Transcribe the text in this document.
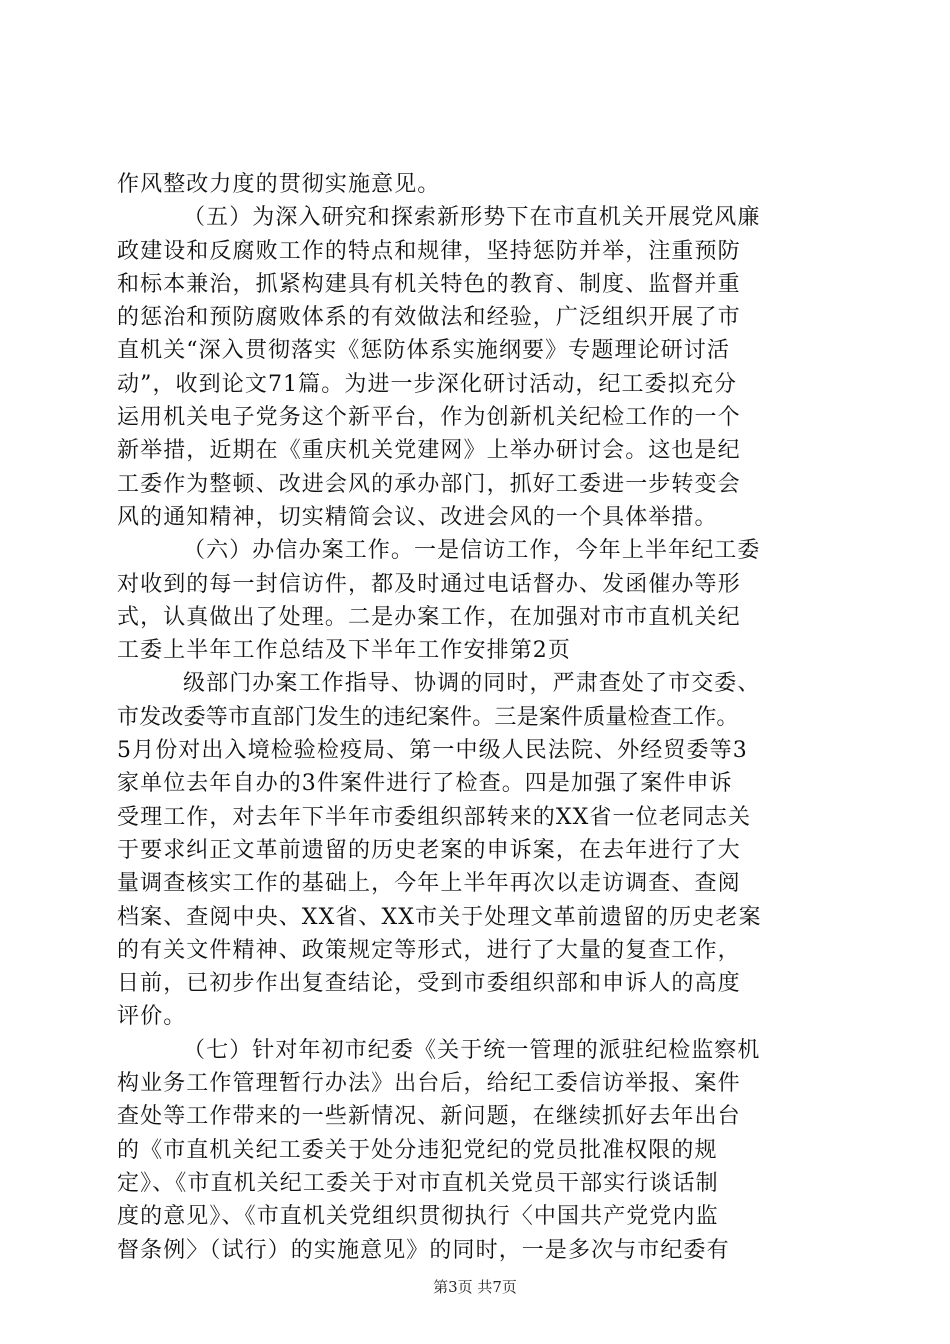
作风整改力度的贯彻实施意见。
（五）为深入研究和探索新形势下在市直机关开展党风廉
政建设和反腐败工作的特点和规律，坚持惩防并举，注重预防
和标本兼治，抓紧构建具有机关特色的教育、制度、监督并重
的惩治和预防腐败体系的有效做法和经验，广泛组织开展了市
直机关“深入贯彻落实《惩防体系实施纲要》专题理论研讨活
动”，收到论文71篇。为进一步深化研讨活动，纪工委拟充分
运用机关电子党务这个新平台，作为创新机关纪检工作的一个
新举措，近期在《重庆机关党建网》上举办研讨会。这也是纪
工委作为整顿、改进会风的承办部门，抓好工委进一步转变会
风的通知精神，切实精简会议、改进会风的一个具体举措。
（六）办信办案工作。一是信访工作，今年上半年纪工委
对收到的每一封信访件，都及时通过电话督办、发函催办等形
式，认真做出了处理。二是办案工作，在加强对市市直机关纪
工委上半年工作总结及下半年工作安排第2页
级部门办案工作指导、协调的同时，严肃查处了市交委、
市发改委等市直部门发生的违纪案件。三是案件质量检查工作。
5月份对出入境检验检疫局、第一中级人民法院、外经贸委等3
家单位去年自办的3件案件进行了检查。四是加强了案件申诉
受理工作，对去年下半年市委组织部转来的XX省一位老同志关
于要求纠正文革前遗留的历史老案的申诉案，在去年进行了大
量调查核实工作的基础上，今年上半年再次以走访调查、查阅
档案、查阅中央、XX省、XX市关于处理文革前遗留的历史老案
的有关文件精神、政策规定等形式，进行了大量的复查工作，
日前，已初步作出复查结论，受到市委组织部和申诉人的高度
评价。
（七）针对年初市纪委《关于统一管理的派驻纪检监察机
构业务工作管理暂行办法》出台后，给纪工委信访举报、案件
查处等工作带来的一些新情况、新问题，在继续抓好去年出台
的《市直机关纪工委关于处分违犯党纪的党员批准权限的规
定》、《市直机关纪工委关于对市直机关党员干部实行谈话制
度的意见》、《市直机关党组织贯彻执行〈中国共产党党内监
督条例〉（试行）的实施意见》的同时，一是多次与市纪委有
第3页 共7页
